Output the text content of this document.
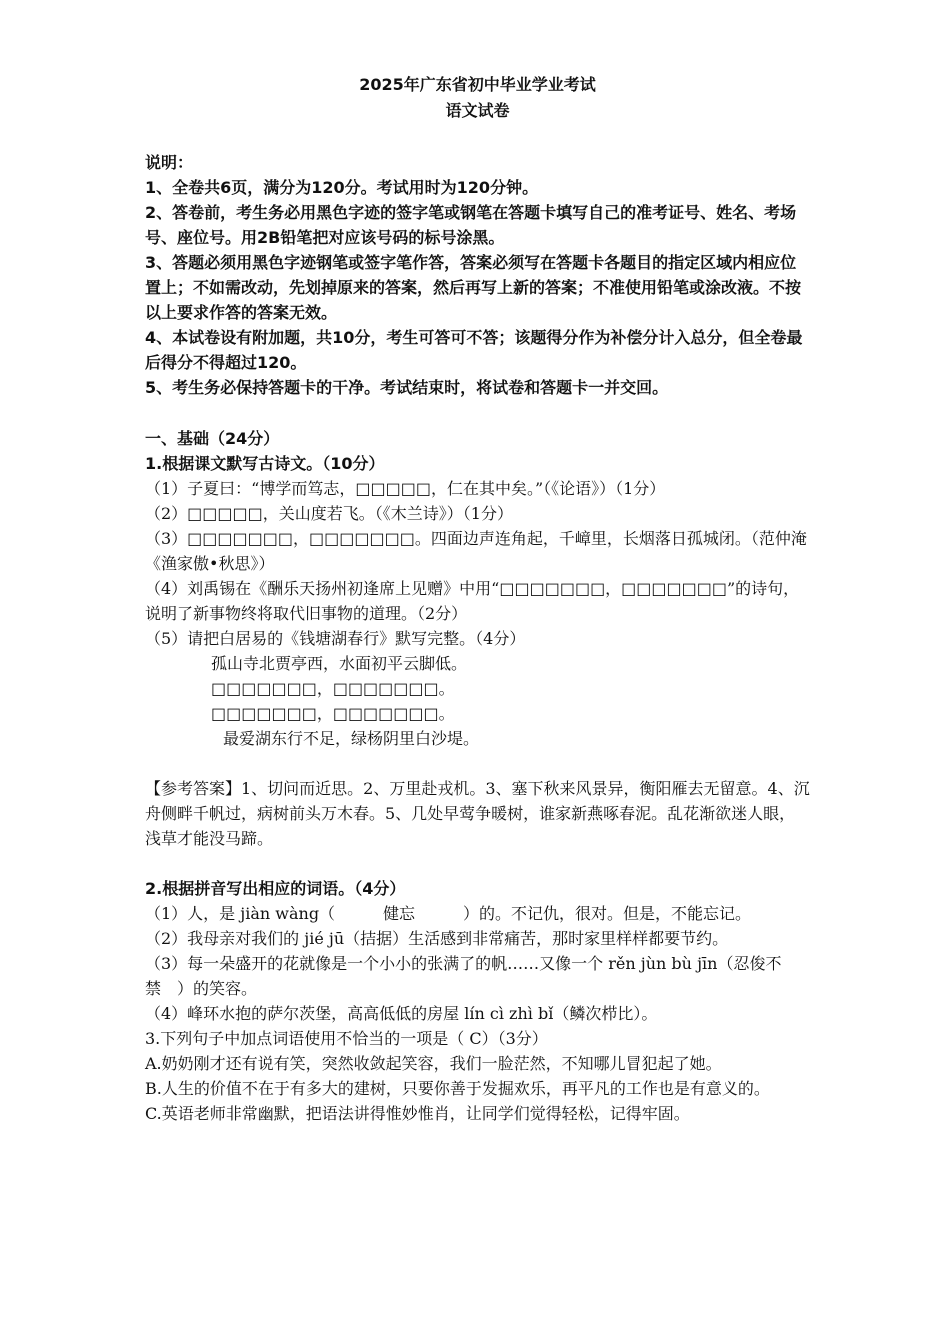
2025年广东省初中毕业学业考试
语文试卷

说明：

1、全卷共6页，满分为120分。考试用时为120分钟。

2、答卷前，考生务必用黑色字迹的签字笔或钢笔在答题卡填写自己的准考证号、姓名、考场号、座位号。用2B铅笔把对应该号码的标号涂黑。

3、答题必须用黑色字迹钢笔或签字笔作答，答案必须写在答题卡各题目的指定区域内相应位置上；不如需改动，先划掉原来的答案，然后再写上新的答案；不准使用铅笔或涂改液。不按以上要求作答的答案无效。

4、本试卷设有附加题，共10分，考生可答可不答；该题得分作为补偿分计入总分，但全卷最后得分不得超过120。

5、考生务必保持答题卡的干净。考试结束时，将试卷和答题卡一并交回。

一、基础（24分）

1.根据课文默写古诗文。（10分）

（1）子夏曰：“博学而笃志，□□□□□，仁在其中矣。”（《论语》）（1分）

（2）□□□□□，关山度若飞。（《木兰诗》）（1分）

（3）□□□□□□□，□□□□□□□。四面边声连角起，千嶂里，长烟落日孤城闭。（范仲淹《渔家傲•秋思》）

（4）刘禹锡在《酬乐天扬州初逢席上见赠》中用“□□□□□□□，□□□□□□□”的诗句，说明了新事物终将取代旧事物的道理。（2分）

（5）请把白居易的《钱塘湖春行》默写完整。（4分）

孤山寺北贾亭西，水面初平云脚低。

□□□□□□□，□□□□□□□。

□□□□□□□，□□□□□□□。

最爱湖东行不足，绿杨阴里白沙堤。

【参考答案】1、切问而近思。2、万里赴戎机。3、塞下秋来风景异，衡阳雁去无留意。4、沉舟侧畔千帆过，病树前头万木春。5、几处早莺争暖树，谁家新燕啄春泥。乱花渐欲迷人眼，浅草才能没马蹄。

2.根据拼音写出相应的词语。（4分）

（1）人，是 jiàn wàng（　　　健忘　　　）的。不记仇，很对。但是，不能忘记。

（2）我母亲对我们的 jié jū（拮据）生活感到非常痛苦，那时家里样样都要节约。

（3）每一朵盛开的花就像是一个小小的张满了的帆……又像一个 rěn jùn bù jīn（忍俊不禁　）的笑容。

（4）峰环水抱的萨尔茨堡，高高低低的房屋 lín cì zhì bǐ（鳞次栉比）。

3.下列句子中加点词语使用不恰当的一项是（ C）（3分）

A.奶奶刚才还有说有笑，突然收敛起笑容，我们一脸茫然，不知哪儿冒犯起了她。

B.人生的价值不在于有多大的建树，只要你善于发掘欢乐，再平凡的工作也是有意义的。

C.英语老师非常幽默，把语法讲得惟妙惟肖，让同学们觉得轻松，记得牢固。
